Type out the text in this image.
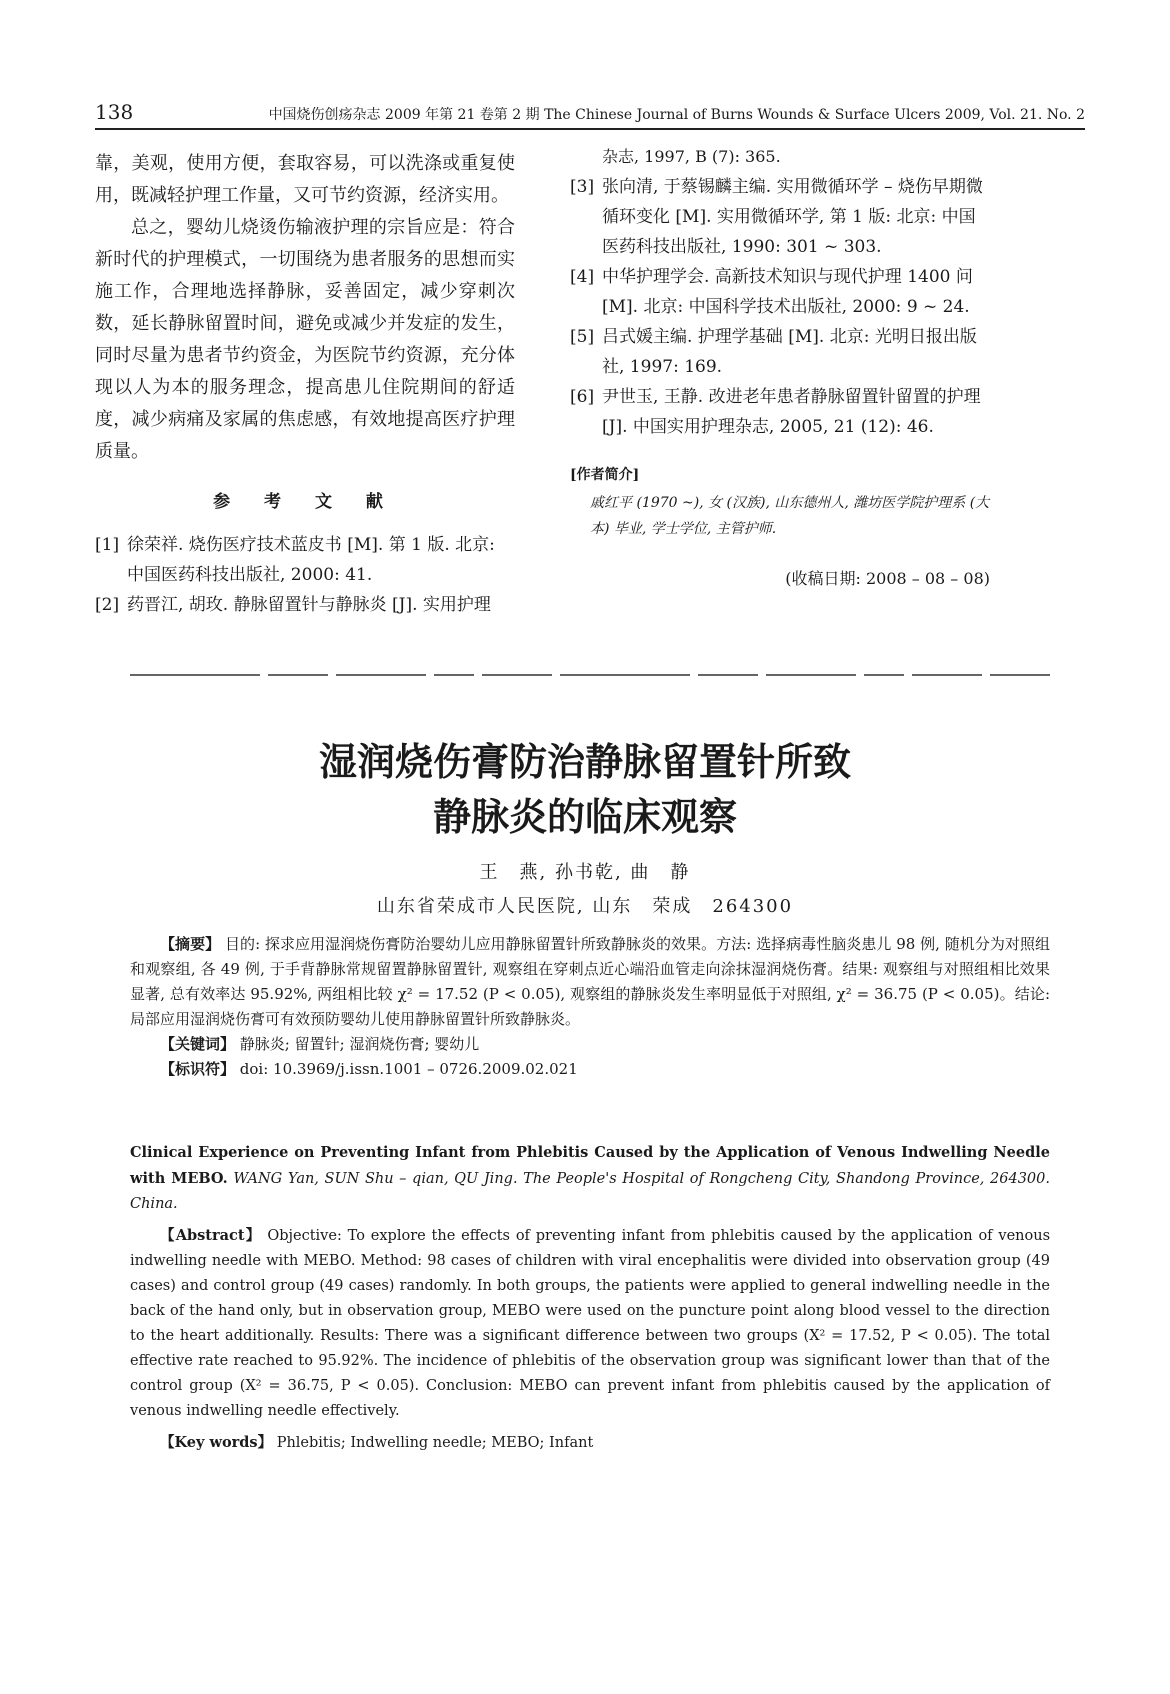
138	中国烧伤创疡杂志 2009 年第 21 卷第 2 期 The Chinese Journal of Burns Wounds & Surface Ulcers 2009, Vol. 21. No. 2

靠，美观，使用方便，套取容易，可以洗涤或重复使用，既减轻护理工作量，又可节约资源，经济实用。

总之，婴幼儿烧烫伤输液护理的宗旨应是：符合新时代的护理模式，一切围绕为患者服务的思想而实施工作，合理地选择静脉，妥善固定，减少穿刺次数，延长静脉留置时间，避免或减少并发症的发生，同时尽量为患者节约资金，为医院节约资源，充分体现以人为本的服务理念，提高患儿住院期间的舒适度，减少病痛及家属的焦虑感，有效地提高医疗护理质量。

参 考 文 献
[1] 徐荣祥. 烧伤医疗技术蓝皮书 [M]. 第 1 版. 北京: 中国医药科技出版社, 2000: 41.
[2] 药晋江, 胡玫. 静脉留置针与静脉炎 [J]. 实用护理
杂志, 1997, B (7): 365.
[3] 张向清, 于蔡锡麟主编. 实用微循环学 – 烧伤早期微循环变化 [M]. 实用微循环学, 第 1 版: 北京: 中国医药科技出版社, 1990: 301 ~ 303.
[4] 中华护理学会. 高新技术知识与现代护理 1400 问 [M]. 北京: 中国科学技术出版社, 2000: 9 ~ 24.
[5] 吕式媛主编. 护理学基础 [M]. 北京: 光明日报出版社, 1997: 169.
[6] 尹世玉, 王静. 改进老年患者静脉留置针留置的护理 [J]. 中国实用护理杂志, 2005, 21 (12): 46.
[作者简介]
戚红平 (1970 ~), 女 (汉族), 山东德州人, 潍坊医学院护理系 (大本) 毕业, 学士学位, 主管护师.
(收稿日期: 2008 – 08 – 08)
湿润烧伤膏防治静脉留置针所致
静脉炎的临床观察
王　燕, 孙书乾, 曲　静
山东省荣成市人民医院, 山东　荣成　264300
【摘要】 目的: 探求应用湿润烧伤膏防治婴幼儿应用静脉留置针所致静脉炎的效果。方法: 选择病毒性脑炎患儿 98 例, 随机分为对照组和观察组, 各 49 例, 于手背静脉常规留置静脉留置针, 观察组在穿刺点近心端沿血管走向涂抹湿润烧伤膏。结果: 观察组与对照组相比效果显著, 总有效率达 95.92%, 两组相比较 χ² = 17.52 (P < 0.05), 观察组的静脉炎发生率明显低于对照组, χ² = 36.75 (P < 0.05)。结论: 局部应用湿润烧伤膏可有效预防婴幼儿使用静脉留置针所致静脉炎。
【关键词】 静脉炎; 留置针; 湿润烧伤膏; 婴幼儿
【标识符】 doi: 10.3969/j.issn.1001 – 0726.2009.02.021
Clinical Experience on Preventing Infant from Phlebitis Caused by the Application of Venous Indwelling Needle with MEBO. WANG Yan, SUN Shu – qian, QU Jing. The People's Hospital of Rongcheng City, Shandong Province, 264300. China.
【Abstract】 Objective: To explore the effects of preventing infant from phlebitis caused by the application of venous indwelling needle with MEBO. Method: 98 cases of children with viral encephalitis were divided into observation group (49 cases) and control group (49 cases) randomly. In both groups, the patients were applied to general indwelling needle in the back of the hand only, but in observation group, MEBO were used on the puncture point along blood vessel to the direction to the heart additionally. Results: There was a significant difference between two groups (X² = 17.52, P < 0.05). The total effective rate reached to 95.92%. The incidence of phlebitis of the observation group was significant lower than that of the control group (X² = 36.75, P < 0.05). Conclusion: MEBO can prevent infant from phlebitis caused by the application of venous indwelling needle effectively.
【Key words】 Phlebitis; Indwelling needle; MEBO; Infant
